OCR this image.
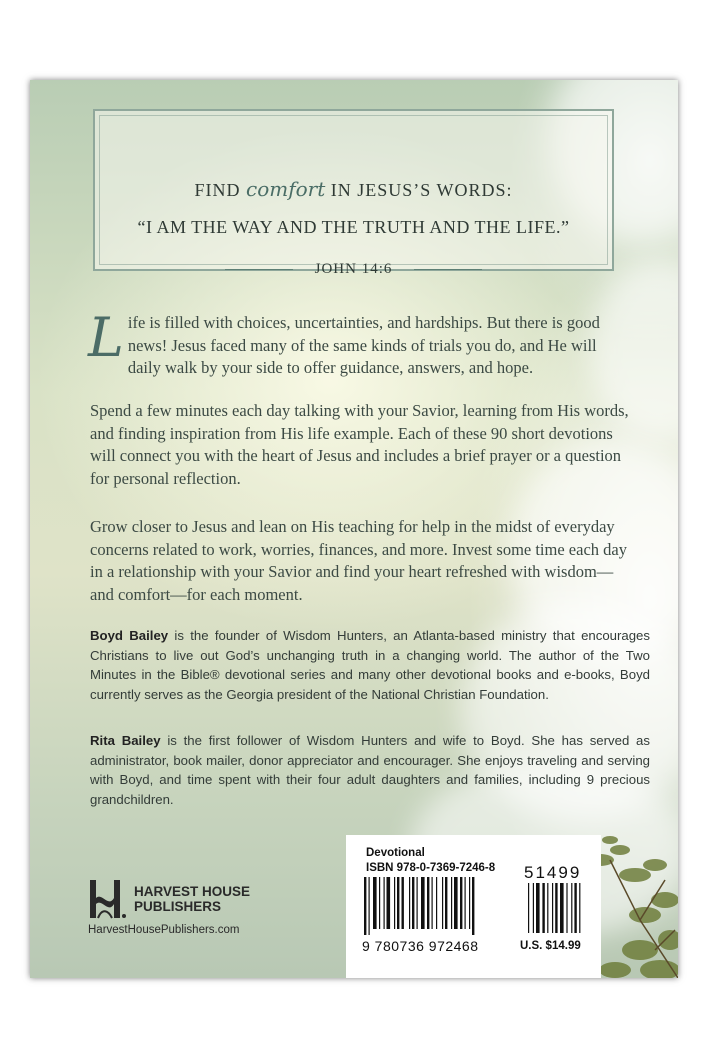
FIND comfort IN JESUS’S WORDS:
“I AM THE WAY AND THE TRUTH AND THE LIFE.”
JOHN 14:6
Life is filled with choices, uncertainties, and hardships. But there is good news! Jesus faced many of the same kinds of trials you do, and He will daily walk by your side to offer guidance, answers, and hope.
Spend a few minutes each day talking with your Savior, learning from His words, and finding inspiration from His life example. Each of these 90 short devotions will connect you with the heart of Jesus and includes a brief prayer or a question for personal reflection.
Grow closer to Jesus and lean on His teaching for help in the midst of everyday concerns related to work, worries, finances, and more. Invest some time each day in a relationship with your Savior and find your heart refreshed with wisdom—and comfort—for each moment.
Boyd Bailey is the founder of Wisdom Hunters, an Atlanta-based ministry that encourages Christians to live out God’s unchanging truth in a changing world. The author of the Two Minutes in the Bible® devotional series and many other devotional books and e-books, Boyd currently serves as the Georgia president of the National Christian Foundation.
Rita Bailey is the first follower of Wisdom Hunters and wife to Boyd. She has served as administrator, book mailer, donor appreciator and encourager. She enjoys traveling and serving with Boyd, and time spent with their four adult daughters and families, including 9 precious grandchildren.
HARVEST HOUSE
PUBLISHERS
HarvestHousePublishers.com
Devotional
ISBN 978-0-7369-7246-8 51499
9 780736 972468	U.S. $14.99
